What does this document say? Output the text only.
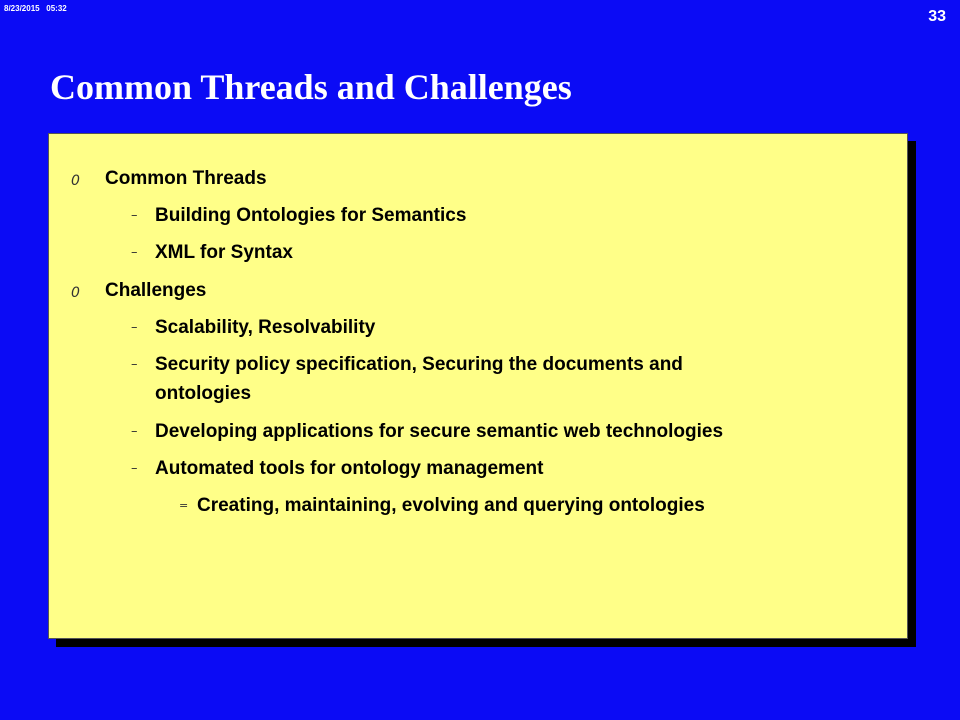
8/23/2015   05:32	33
Common Threads and Challenges
0 Common Threads
– Building Ontologies for Semantics
– XML for Syntax
0 Challenges
– Scalability, Resolvability
– Security policy specification, Securing the documents and
ontologies
– Developing applications for secure semantic web technologies
– Automated tools for ontology management
= Creating, maintaining, evolving and querying ontologies
